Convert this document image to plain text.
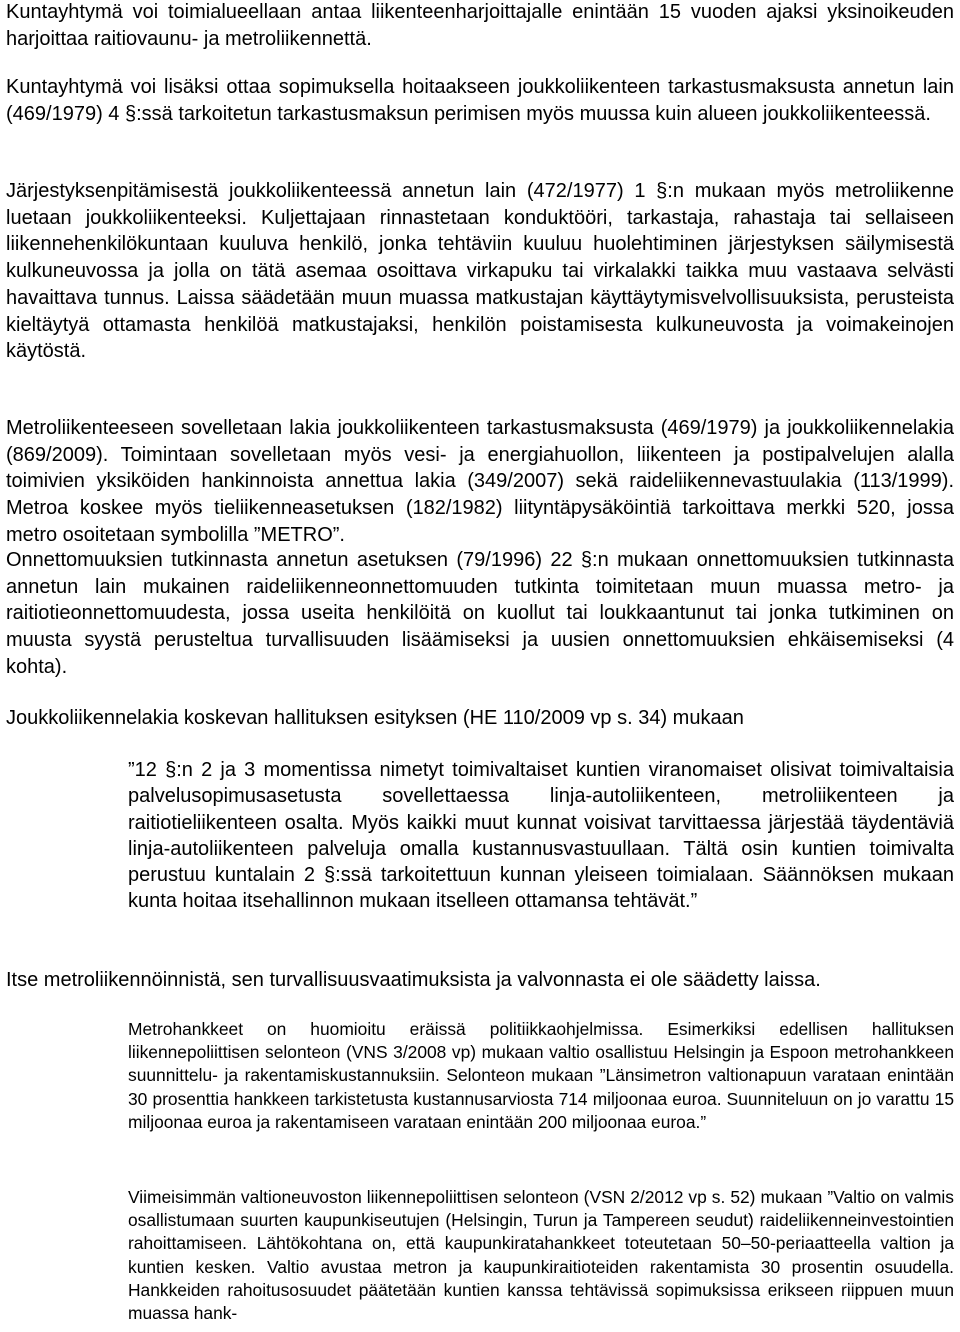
Kuntayhtymä voi toimialueellaan antaa liikenteenharjoittajalle enintään 15 vuoden ajaksi yksinoikeuden harjoittaa raitiovaunu- ja metroliikennettä.

Kuntayhtymä voi lisäksi ottaa sopimuksella hoitaakseen joukkoliikenteen tarkastusmaksusta annetun lain (469/1979) 4 §:ssä tarkoitetun tarkastusmaksun perimisen myös muussa kuin alueen joukkoliikenteessä.

Järjestyksenpitämisestä joukkoliikenteessä annetun lain (472/1977) 1 §:n mukaan myös metroliikenne luetaan joukkoliikenteeksi. Kuljettajaan rinnastetaan konduktööri, tarkastaja, rahastaja tai sellaiseen liikennehenkilökuntaan kuuluva henkilö, jonka tehtäviin kuuluu huolehtiminen järjestyksen säilymisestä kulkuneuvossa ja jolla on tätä asemaa osoittava virkapuku tai virkalakki taikka muu vastaava selvästi havaittava tunnus. Laissa säädetään muun muassa matkustajan käyttäytymisvelvollisuuksista, perusteista kieltäytyä ottamasta henkilöä matkustajaksi, henkilön poistamisesta kulkuneuvosta ja voimakeinojen käytöstä.

Metroliikenteeseen sovelletaan lakia joukkoliikenteen tarkastusmaksusta (469/1979) ja joukkoliikennelakia (869/2009). Toimintaan sovelletaan myös vesi- ja energiahuollon, liikenteen ja postipalvelujen alalla toimivien yksiköiden hankinnoista annettua lakia (349/2007) sekä raideliikennevastuulakia (113/1999). Metroa koskee myös tieliikenneasetuksen (182/1982) liityntäpysäköintiä tarkoittava merkki 520, jossa metro osoitetaan symbolilla ”METRO”.

Onnettomuuksien tutkinnasta annetun asetuksen (79/1996) 22 §:n mukaan onnettomuuksien tutkinnasta annetun lain mukainen raideliikenneonnettomuuden tutkinta toimitetaan muun muassa metro- ja raitiotieonnettomuudesta, jossa useita henkilöitä on kuollut tai loukkaantunut tai jonka tutkiminen on muusta syystä perusteltua turvallisuuden lisäämiseksi ja uusien onnettomuuksien ehkäisemiseksi (4 kohta).

Joukkoliikennelakia koskevan hallituksen esityksen (HE 110/2009 vp s. 34) mukaan

”12 §:n 2 ja 3 momentissa nimetyt toimivaltaiset kuntien viranomaiset olisivat toimivaltaisia palvelusopimusasetusta sovellettaessa linja-autoliikenteen, metroliikenteen ja raitiotieliikenteen osalta. Myös kaikki muut kunnat voisivat tarvittaessa järjestää täydentäviä linja-autoliikenteen palveluja omalla kustannusvastuullaan. Tältä osin kuntien toimivalta perustuu kuntalain 2 §:ssä tarkoitettuun kunnan yleiseen toimialaan. Säännöksen mukaan kunta hoitaa itsehallinnon mukaan itselleen ottamansa tehtävät.”

Itse metroliikennöinnistä, sen turvallisuusvaatimuksista ja valvonnasta ei ole säädetty laissa.

Metrohankkeet on huomioitu eräissä politiikkaohjelmissa. Esimerkiksi edellisen hallituksen liikennepoliittisen selonteon (VNS 3/2008 vp) mukaan valtio osallistuu Helsingin ja Espoon metrohankkeen suunnittelu- ja rakentamiskustannuksiin. Selonteon mukaan ”Länsimetron valtionapuun varataan enintään 30 prosenttia hankkeen tarkistetusta kustannusarviosta 714 miljoonaa euroa. Suunniteluun on jo varattu 15 miljoonaa euroa ja rakentamiseen varataan enintään 200 miljoonaa euroa.”

Viimeisimmän valtioneuvoston liikennepoliittisen selonteon (VSN 2/2012 vp s. 52) mukaan ”Valtio on valmis osallistumaan suurten kaupunkiseutujen (Helsingin, Turun ja Tampereen seudut) raideliikenneinvestointien rahoittamiseen. Lähtökohtana on, että kaupunkiratahankkeet toteutetaan 50–50-periaatteella valtion ja kuntien kesken. Valtio avustaa metron ja kaupunkiraitioteiden rakentamista 30 prosentin osuudella. Hankkeiden rahoitusosuudet päätetään kuntien kanssa tehtävissä sopimuksissa erikseen riippuen muun muassa hank-
